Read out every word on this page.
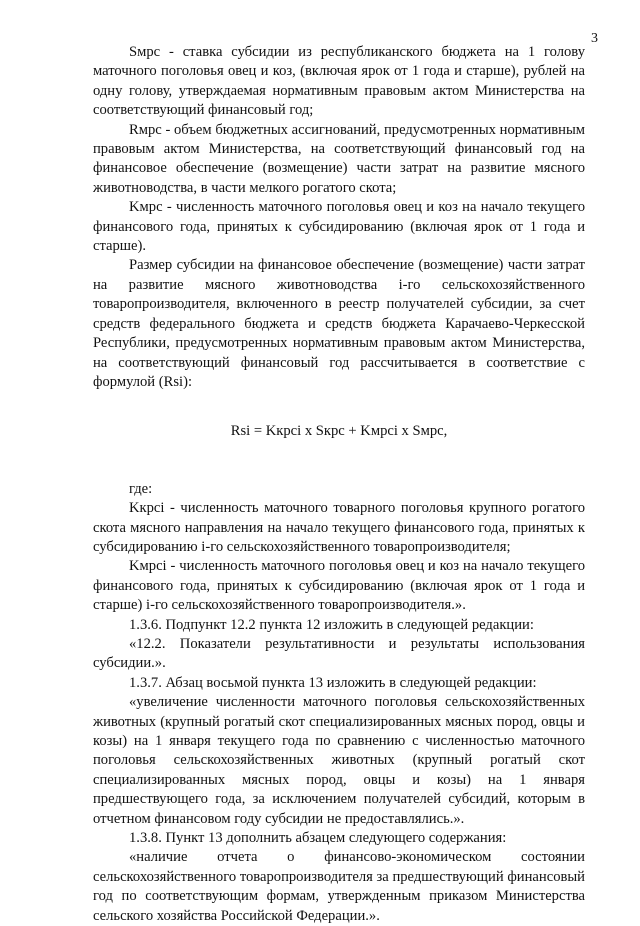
3

Sмрс - ставка субсидии из республиканского бюджета на 1 голову маточного поголовья овец и коз, (включая ярок от 1 года и старше), рублей на одну голову, утверждаемая нормативным правовым актом Министерства на соответствующий финансовый год;

Rмрс - объем бюджетных ассигнований, предусмотренных нормативным правовым актом Министерства, на соответствующий финансовый год на финансовое обеспечение (возмещение) части затрат на развитие мясного животноводства, в части мелкого рогатого скота;

Kмрс - численность маточного поголовья овец и коз на начало текущего финансового года, принятых к субсидированию (включая ярок от 1 года и старше).

Размер субсидии на финансовое обеспечение (возмещение) части затрат на развитие мясного животноводства i-го сельскохозяйственного товаропроизводителя, включенного в реестр получателей субсидии, за счет средств федерального бюджета и средств бюджета Карачаево-Черкесской Республики, предусмотренных нормативным правовым актом Министерства, на соответствующий финансовый год рассчитывается в соответствие с формулой (Rsi):

Rsi = Kкрсi x Sкрс + Kмрсi x Sмрс,

где:

Kкрсi - численность маточного товарного поголовья крупного рогатого скота мясного направления на начало текущего финансового года, принятых к субсидированию i-го сельскохозяйственного товаропроизводителя;

Kмрсi - численность маточного поголовья овец и коз на начало текущего финансового года, принятых к субсидированию (включая ярок от 1 года и старше) i-го сельскохозяйственного товаропроизводителя.».

1.3.6. Подпункт 12.2 пункта 12 изложить в следующей редакции:

«12.2. Показатели результативности и результаты использования субсидии.».

1.3.7. Абзац восьмой пункта 13 изложить в следующей редакции:

«увеличение численности маточного поголовья сельскохозяйственных животных (крупный рогатый скот специализированных мясных пород, овцы и козы) на 1 января текущего года по сравнению с численностью маточного поголовья сельскохозяйственных животных (крупный рогатый скот специализированных мясных пород, овцы и козы) на 1 января предшествующего года, за исключением получателей субсидий, которым в отчетном финансовом году субсидии не предоставлялись.».

1.3.8. Пункт 13 дополнить абзацем следующего содержания:

«наличие отчета о финансово-экономическом состоянии сельскохозяйственного товаропроизводителя за предшествующий финансовый год по соответствующим формам, утвержденным приказом Министерства сельского хозяйства Российской Федерации.».
